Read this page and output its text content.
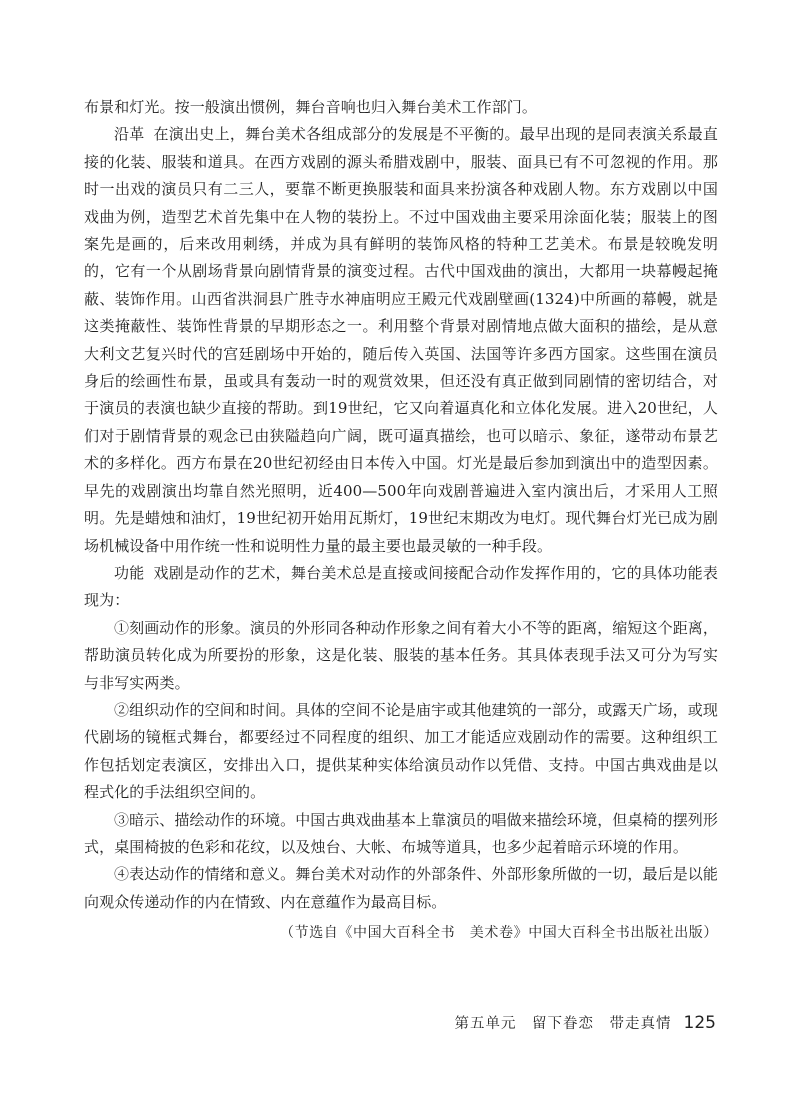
布景和灯光。按一般演出惯例，舞台音响也归入舞台美术工作部门。

沿革 在演出史上，舞台美术各组成部分的发展是不平衡的。最早出现的是同表演关系最直接的化装、服装和道具。在西方戏剧的源头希腊戏剧中，服装、面具已有不可忽视的作用。那时一出戏的演员只有二三人，要靠不断更换服装和面具来扮演各种戏剧人物。东方戏剧以中国戏曲为例，造型艺术首先集中在人物的装扮上。不过中国戏曲主要采用涂面化装；服装上的图案先是画的，后来改用刺绣，并成为具有鲜明的装饰风格的特种工艺美术。布景是较晚发明的，它有一个从剧场背景向剧情背景的演变过程。古代中国戏曲的演出，大都用一块幕幔起掩蔽、装饰作用。山西省洪洞县广胜寺水神庙明应王殿元代戏剧壁画(1324)中所画的幕幔，就是这类掩蔽性、装饰性背景的早期形态之一。利用整个背景对剧情地点做大面积的描绘，是从意大利文艺复兴时代的宫廷剧场中开始的，随后传入英国、法国等许多西方国家。这些围在演员身后的绘画性布景，虽或具有轰动一时的观赏效果，但还没有真正做到同剧情的密切结合，对于演员的表演也缺少直接的帮助。到19世纪，它又向着逼真化和立体化发展。进入20世纪，人们对于剧情背景的观念已由狭隘趋向广阔，既可逼真描绘，也可以暗示、象征，遂带动布景艺术的多样化。西方布景在20世纪初经由日本传入中国。灯光是最后参加到演出中的造型因素。早先的戏剧演出均靠自然光照明，近400—500年向戏剧普遍进入室内演出后，才采用人工照明。先是蜡烛和油灯，19世纪初开始用瓦斯灯，19世纪末期改为电灯。现代舞台灯光已成为剧场机械设备中用作统一性和说明性力量的最主要也最灵敏的一种手段。

功能 戏剧是动作的艺术，舞台美术总是直接或间接配合动作发挥作用的，它的具体功能表现为：

①刻画动作的形象。演员的外形同各种动作形象之间有着大小不等的距离，缩短这个距离，帮助演员转化成为所要扮的形象，这是化装、服装的基本任务。其具体表现手法又可分为写实与非写实两类。

②组织动作的空间和时间。具体的空间不论是庙宇或其他建筑的一部分，或露天广场，或现代剧场的镜框式舞台，都要经过不同程度的组织、加工才能适应戏剧动作的需要。这种组织工作包括划定表演区，安排出入口，提供某种实体给演员动作以凭借、支持。中国古典戏曲是以程式化的手法组织空间的。

③暗示、描绘动作的环境。中国古典戏曲基本上靠演员的唱做来描绘环境，但桌椅的摆列形式，桌围椅披的色彩和花纹，以及烛台、大帐、布城等道具，也多少起着暗示环境的作用。

④表达动作的情绪和意义。舞台美术对动作的外部条件、外部形象所做的一切，最后是以能向观众传递动作的内在情致、内在意蕴作为最高目标。

（节选自《中国大百科全书　美术卷》中国大百科全书出版社出版）

第五单元　留下眷恋　带走真情 125
